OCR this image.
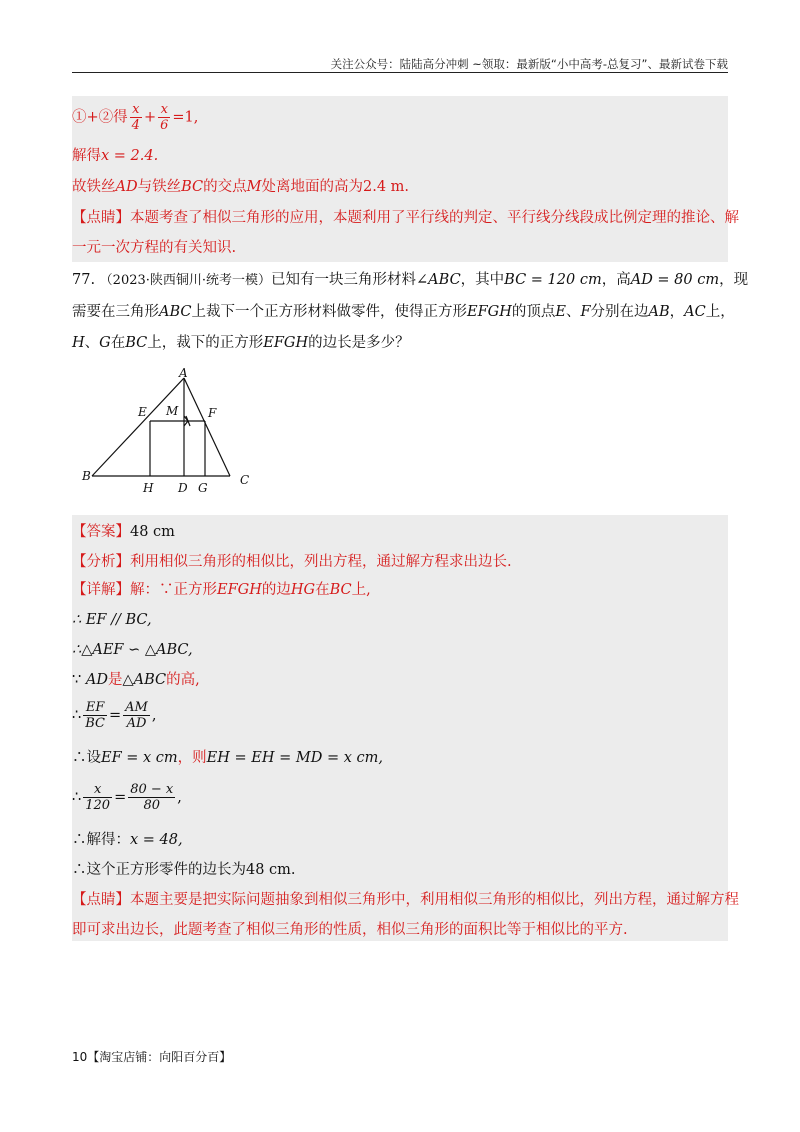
关注公众号：陆陆高分冲刺 ~领取：最新版“小中高考-总复习”、最新试卷下载
①+②得 $\frac{x}{4} + \frac{x}{6} =1$,
解得x = 2.4.
故铁丝AD与铁丝BC的交点M处离地面的高为2.4 m.
【点睛】本题考查了相似三角形的应用，本题利用了平行线的判定、平行线分线段成比例定理的推论、解
一元一次方程的有关知识.
77. （2023·陕西铜川·统考一模）已知有一块三角形材料∠ABC，其中BC = 120 cm，高AD = 80 cm，现
需要在三角形ABC上裁下一个正方形材料做零件，使得正方形EFGH的顶点E、F分别在边AB，AC上，
H、G在BC上，裁下的正方形EFGH的边长是多少？
A
E M F
B
H D G
C
【答案】48 cm
【分析】利用相似三角形的相似比，列出方程，通过解方程求出边长.
【详解】解：∵正方形EFGH的边HG在BC上,
∴ EF // BC,
∴△AEF ∽ △ABC,
∵ AD是△ABC的高,
∴ $\frac{EF}{BC} = \frac{AM}{AD}$ ,
∴设EF = x cm，则EH = EH = MD = x cm,
∴ $\frac{x}{120} = \frac{80 - x}{80}$ ,
∴解得：x = 48,
∴这个正方形零件的边长为48 cm.
【点睛】本题主要是把实际问题抽象到相似三角形中，利用相似三角形的相似比，列出方程，通过解方程
即可求出边长，此题考查了相似三角形的性质，相似三角形的面积比等于相似比的平方.
10【淘宝店铺：向阳百分百】
